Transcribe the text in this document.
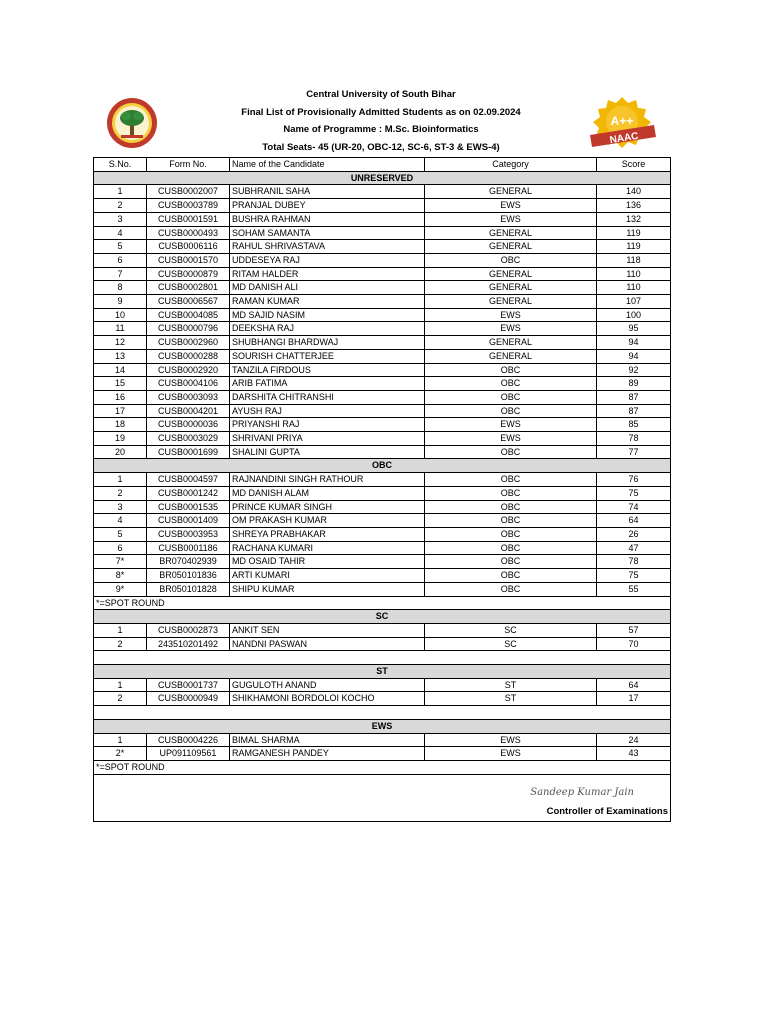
Central University of South Bihar
Final List of Provisionally Admitted Students as on 02.09.2024
Name of Programme : M.Sc. Bioinformatics
Total Seats- 45 (UR-20, OBC-12, SC-6, ST-3 & EWS-4)
A++
NAAC
S.No.	Form No.	Name of the Candidate	Category	Score
UNRESERVED				
1	CUSB0002007	SUBHRANIL SAHA	GENERAL	140
2	CUSB0003789	PRANJAL DUBEY	EWS	136
3	CUSB0001591	BUSHRA RAHMAN	EWS	132
4	CUSB0000493	SOHAM SAMANTA	GENERAL	119
5	CUSB0006116	RAHUL SHRIVASTAVA	GENERAL	119
6	CUSB0001570	UDDESEYA RAJ	OBC	118
7	CUSB0000879	RITAM HALDER	GENERAL	110
8	CUSB0002801	MD DANISH ALI	GENERAL	110
9	CUSB0006567	RAMAN KUMAR	GENERAL	107
10	CUSB0004085	MD SAJID NASIM	EWS	100
11	CUSB0000796	DEEKSHA RAJ	EWS	95
12	CUSB0002960	SHUBHANGI BHARDWAJ	GENERAL	94
13	CUSB0000288	SOURISH CHATTERJEE	GENERAL	94
14	CUSB0002920	TANZILA FIRDOUS	OBC	92
15	CUSB0004106	ARIB FATIMA	OBC	89
16	CUSB0003093	DARSHITA CHITRANSHI	OBC	87
17	CUSB0004201	AYUSH RAJ	OBC	87
18	CUSB0000036	PRIYANSHI RAJ	EWS	85
19	CUSB0003029	SHRIVANI PRIYA	EWS	78
20	CUSB0001699	SHALINI GUPTA	OBC	77
OBC				
1	CUSB0004597	RAJNANDINI SINGH RATHOUR	OBC	76
2	CUSB0001242	MD DANISH ALAM	OBC	75
3	CUSB0001535	PRINCE KUMAR SINGH	OBC	74
4	CUSB0001409	OM PRAKASH KUMAR	OBC	64
5	CUSB0003953	SHREYA PRABHAKAR	OBC	26
6	CUSB0001186	RACHANA KUMARI	OBC	47
7*	BR070402939	MD OSAID TAHIR	OBC	78
8*	BR050101836	ARTI KUMARI	OBC	75
9*	BR050101828	SHIPU KUMAR	OBC	55
*=SPOT ROUND				
SC				
1	CUSB0002873	ANKIT SEN	SC	57
2	243510201492	NANDNI PASWAN	SC	70

ST				
1	CUSB0001737	GUGULOTH ANAND	ST	64
2	CUSB0000949	SHIKHAMONI BORDOLOI KOCHO	ST	17

EWS				
1	CUSB0004226	BIMAL SHARMA	EWS	24
2*	UP091109561	RAMGANESH PANDEY	EWS	43
*=SPOT ROUND				

Sandeep Kumar Jain
Controller of Examinations				
